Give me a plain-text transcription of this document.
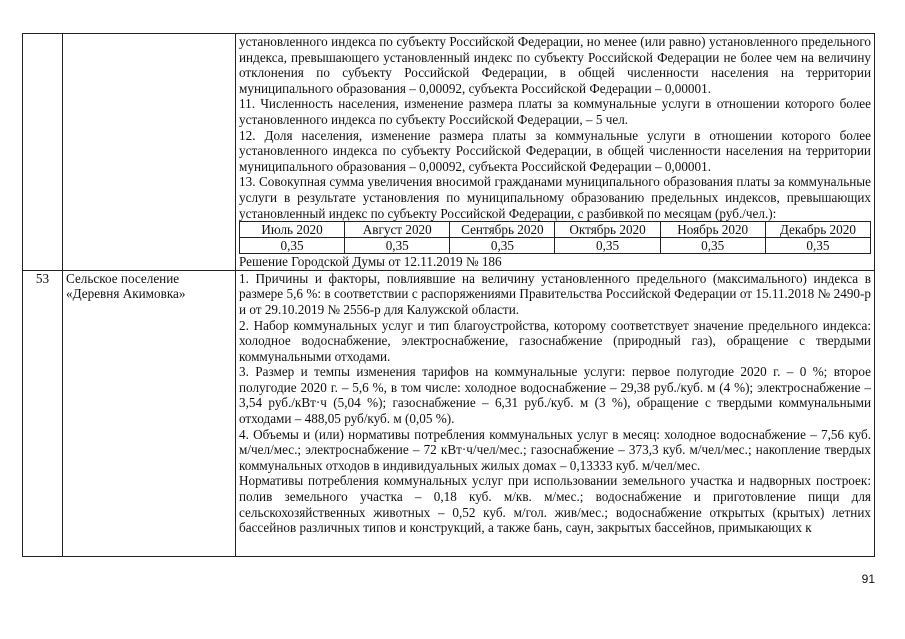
установленного индекса по субъекту Российской Федерации, но менее (или равно) установленного предельного индекса, превышающего установленный индекс по субъекту Российской Федерации не более чем на величину отклонения по субъекту Российской Федерации, в общей численности населения на территории муниципального образования – 0,00092, субъекта Российской Федерации – 0,00001.

11. Численность населения, изменение размера платы за коммунальные услуги в отношении которого более установленного индекса по субъекту Российской Федерации, – 5 чел.

12. Доля населения, изменение размера платы за коммунальные услуги в отношении которого более установленного индекса по субъекту Российской Федерации, в общей численности населения на территории муниципального образования – 0,00092, субъекта Российской Федерации – 0,00001.

13. Совокупная сумма увеличения вносимой гражданами муниципального образования платы за коммунальные услуги в результате установления по муниципальному образованию предельных индексов, превышающих установленный индекс по субъекту Российской Федерации, с разбивкой по месяцам (руб./чел.):

Июль 2020	Август 2020	Сентябрь 2020	Октябрь 2020	Ноябрь 2020	Декабрь 2020
0,35	0,35	0,35	0,35	0,35	0,35

Решение Городской Думы от 12.11.2019 № 186

53	Сельское поселение «Деревня Акимовка»	

1. Причины и факторы, повлиявшие на величину установленного предельного (максимального) индекса в размере 5,6 %: в соответствии с распоряжениями Правительства Российской Федерации от 15.11.2018 № 2490-р и от 29.10.2019 № 2556-р для Калужской области.

2. Набор коммунальных услуг и тип благоустройства, которому соответствует значение предельного индекса: холодное водоснабжение, электроснабжение, газоснабжение (природный газ), обращение с твердыми коммунальными отходами.

3. Размер и темпы изменения тарифов на коммунальные услуги: первое полугодие 2020 г. – 0 %; второе полугодие 2020 г. – 5,6 %, в том числе: холодное водоснабжение – 29,38 руб./куб. м (4 %); электроснабжение – 3,54 руб./кВт·ч (5,04 %); газоснабжение – 6,31 руб./куб. м (3 %), обращение с твердыми коммунальными отходами – 488,05 руб/куб. м (0,05 %).

4. Объемы и (или) нормативы потребления коммунальных услуг в месяц: холодное водоснабжение – 7,56 куб. м/чел/мес.; электроснабжение – 72 кВт·ч/чел/мес.; газоснабжение – 373,3 куб. м/чел/мес.; накопление твердых коммунальных отходов в индивидуальных жилых домах – 0,13333 куб. м/чел/мес.

Нормативы потребления коммунальных услуг при использовании земельного участка и надворных построек: полив земельного участка – 0,18 куб. м/кв. м/мес.; водоснабжение и приготовление пищи для сельскохозяйственных животных – 0,52 куб. м/гол. жив/мес.; водоснабжение открытых (крытых) летних бассейнов различных типов и конструкций, а также бань, саун, закрытых бассейнов, примыкающих к

91
